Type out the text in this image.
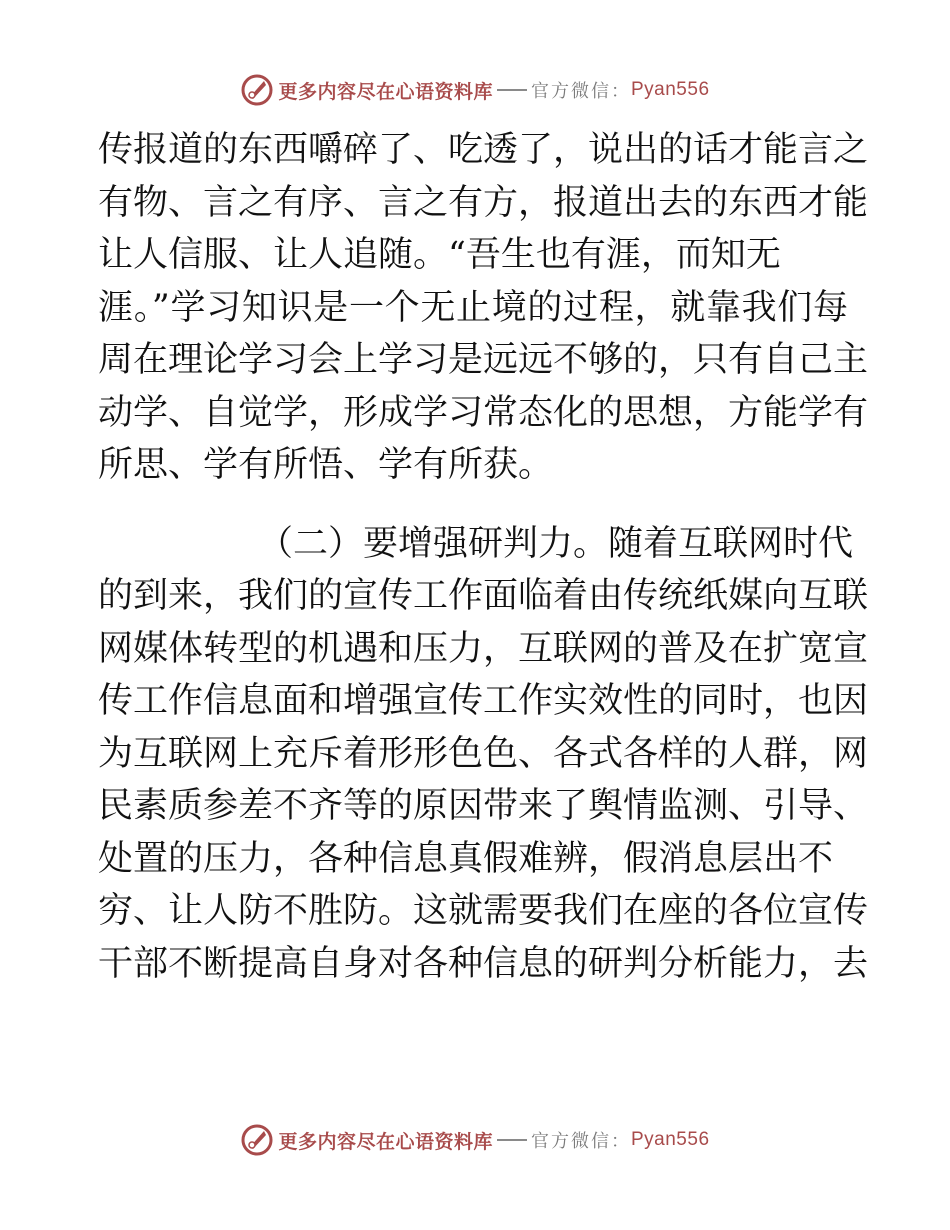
更多内容尽在心语资料库 官方微信： Pyan556
传报道的东西嚼碎了、吃透了，说出的话才能言之
有物、言之有序、言之有方，报道出去的东西才能
让人信服、让人追随。“吾生也有涯，而知无
涯。”学习知识是一个无止境的过程，就靠我们每
周在理论学习会上学习是远远不够的，只有自己主
动学、自觉学，形成学习常态化的思想，方能学有
所思、学有所悟、学有所获。
（二）要增强研判力。随着互联网时代
的到来，我们的宣传工作面临着由传统纸媒向互联
网媒体转型的机遇和压力，互联网的普及在扩宽宣
传工作信息面和增强宣传工作实效性的同时，也因
为互联网上充斥着形形色色、各式各样的人群，网
民素质参差不齐等的原因带来了舆情监测、引导、
处置的压力，各种信息真假难辨，假消息层出不
穷、让人防不胜防。这就需要我们在座的各位宣传
干部不断提高自身对各种信息的研判分析能力，去
更多内容尽在心语资料库 官方微信： Pyan556
